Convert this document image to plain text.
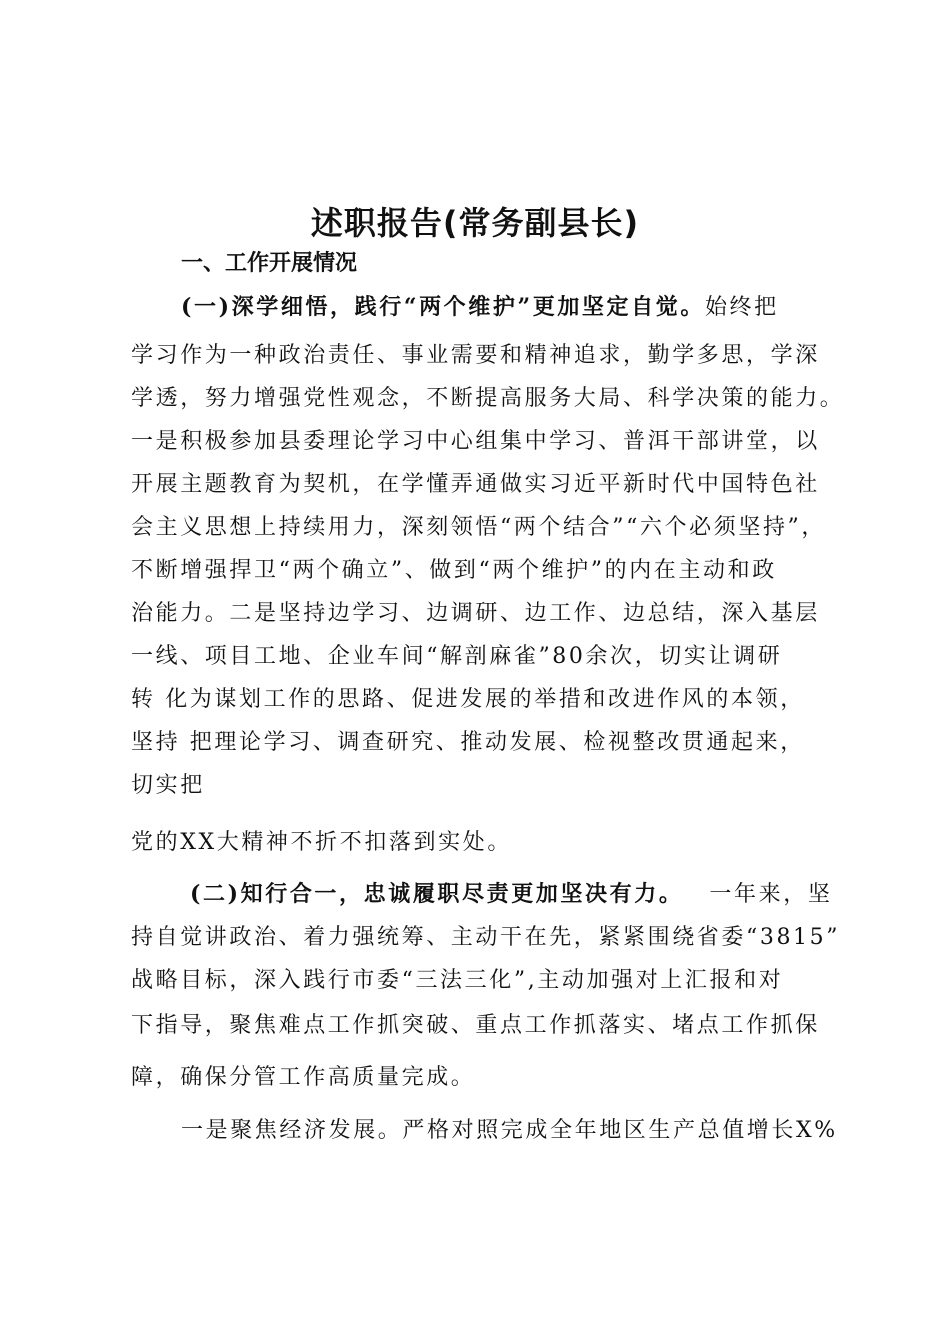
述职报告(常务副县长)
一、工作开展情况
(一)深学细悟，践行“两个维护”更加坚定自觉。始终把
学习作为一种政治责任、事业需要和精神追求，勤学多思，学深
学透，努力增强党性观念，不断提高服务大局、科学决策的能力。
一是积极参加县委理论学习中心组集中学习、普洱干部讲堂，以
开展主题教育为契机，在学懂弄通做实习近平新时代中国特色社
会主义思想上持续用力，深刻领悟“两个结合”“六个必须坚持”，
不断增强捍卫“两个确立”、做到“两个维护”的内在主动和政
治能力。二是坚持边学习、边调研、边工作、边总结，深入基层
一线、项目工地、企业车间“解剖麻雀”80余次，切实让调研
转 化为谋划工作的思路、促进发展的举措和改进作风的本领，
坚持 把理论学习、调查研究、推动发展、检视整改贯通起来，
切实把
党的XX大精神不折不扣落到实处。
(二)知行合一，忠诚履职尽责更加坚决有力。 一年来，坚
持自觉讲政治、着力强统筹、主动干在先，紧紧围绕省委“3815”
战略目标，深入践行市委“三法三化”,主动加强对上汇报和对
下指导，聚焦难点工作抓突破、重点工作抓落实、堵点工作抓保
障，确保分管工作高质量完成。
一是聚焦经济发展。严格对照完成全年地区生产总值增长X%
